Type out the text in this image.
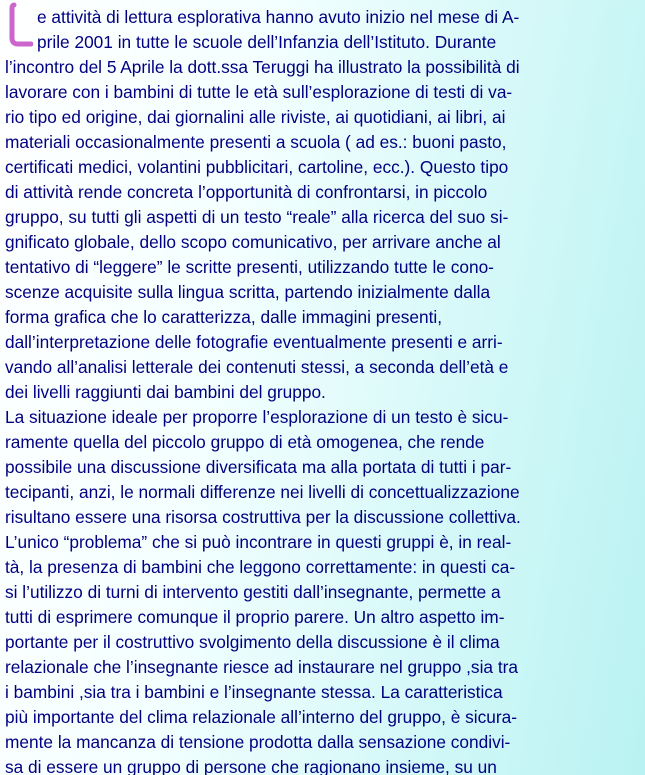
L
e attività di lettura esplorativa hanno avuto inizio nel mese di A-
prile 2001 in tutte le scuole dell’Infanzia dell’Istituto. Durante
l’incontro del 5 Aprile la dott.ssa Teruggi ha illustrato la possibilità di
lavorare con i bambini di tutte le età sull’esplorazione di testi di va-
rio tipo ed origine, dai giornalini alle riviste, ai quotidiani, ai libri, ai
materiali occasionalmente presenti a scuola ( ad es.: buoni pasto,
certificati medici, volantini pubblicitari, cartoline, ecc.). Questo tipo
di attività rende concreta l’opportunità di confrontarsi, in piccolo
gruppo, su tutti gli aspetti di un testo “reale” alla ricerca del suo si-
gnificato globale, dello scopo comunicativo, per arrivare anche al
tentativo di “leggere” le scritte presenti, utilizzando tutte le cono-
scenze acquisite sulla lingua scritta, partendo inizialmente dalla
forma grafica che lo caratterizza, dalle immagini presenti,
dall’interpretazione delle fotografie eventualmente presenti e arri-
vando all’analisi letterale dei contenuti stessi, a seconda dell’età e
dei livelli raggiunti dai bambini del gruppo.
La situazione ideale per proporre l’esplorazione di un testo è sicu-
ramente quella del piccolo gruppo di età omogenea, che rende
possibile una discussione diversificata ma alla portata di tutti i par-
tecipanti, anzi, le normali differenze nei livelli di concettualizzazione
risultano essere una risorsa costruttiva per la discussione collettiva.
L’unico “problema” che si può incontrare in questi gruppi è, in real-
tà, la presenza di bambini che leggono correttamente: in questi ca-
si l’utilizzo di turni di intervento gestiti dall’insegnante, permette a
tutti di esprimere comunque il proprio parere. Un altro aspetto im-
portante per il costruttivo svolgimento della discussione è il clima
relazionale che l’insegnante riesce ad instaurare nel gruppo ,sia tra
i bambini ,sia tra i bambini e l’insegnante stessa. La caratteristica
più importante del clima relazionale all’interno del gruppo, è sicura-
mente la mancanza di tensione prodotta dalla sensazione condivi-
sa di essere un gruppo di persone che ragionano insieme, su un
